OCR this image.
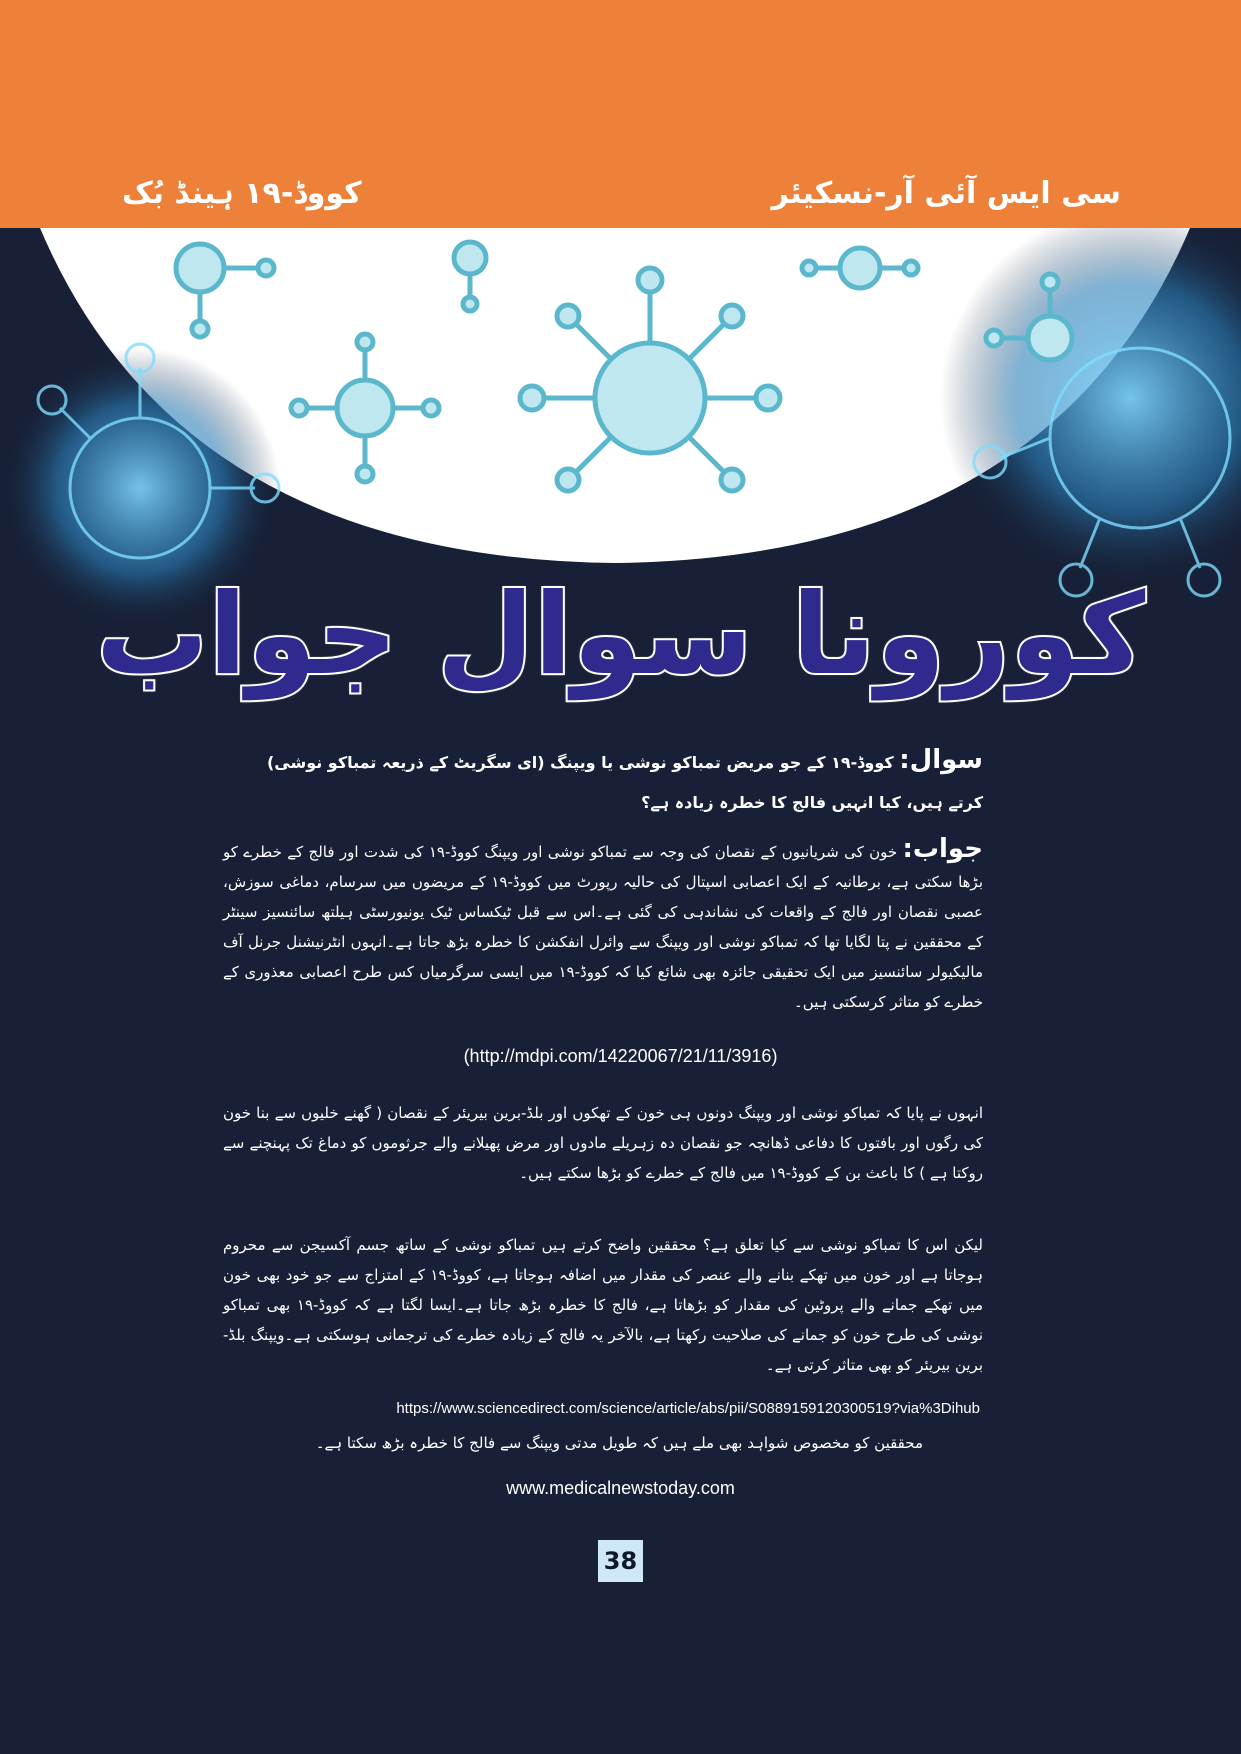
سی ایس آئی آر-نسکیئر
کووڈ-۱۹ ہینڈ بُک
کورونا سوال جواب
سوال: کووڈ-۱۹ کے جو مریض تمباکو نوشی یا ویپنگ (ای سگریٹ کے ذریعہ تمباکو نوشی) کرتے ہیں، کیا انہیں فالج کا خطرہ زیادہ ہے؟
جواب: خون کی شریانیوں کے نقصان کی وجہ سے تمباکو نوشی اور ویپنگ کووڈ-۱۹ کی شدت اور فالج کے خطرے کو بڑھا سکتی ہے، برطانیہ کے ایک اعصابی اسپتال کی حالیہ رپورٹ میں کووڈ-۱۹ کے مریضوں میں سرسام، دماغی سوزش، عصبی نقصان اور فالج کے واقعات کی نشاندہی کی گئی ہے۔اس سے قبل ٹیکساس ٹیک یونیورسٹی ہیلتھ سائنسیز سینٹر کے محققین نے پتا لگایا تھا کہ تمباکو نوشی اور ویپنگ سے وائرل انفکشن کا خطرہ بڑھ جاتا ہے۔انہوں انٹرنیشنل جرنل آف مالیکیولر سائنسیز میں ایک تحقیقی جائزہ بھی شائع کیا کہ کووڈ-۱۹ میں ایسی سرگرمیاں کس طرح اعصابی معذوری کے خطرے کو متاثر کرسکتی ہیں۔
(http://mdpi.com/14220067/21/11/3916)
انہوں نے پایا کہ تمباکو نوشی اور ویپنگ دونوں ہی خون کے تھکوں اور بلڈ-برین بیریئر کے نقصان ( گھنے خلیوں سے بنا خون کی رگوں اور بافتوں کا دفاعی ڈھانچہ جو نقصان دہ زہریلے مادوں اور مرض پھیلانے والے جرثوموں کو دماغ تک پہنچنے سے روکتا ہے ) کا باعث بن کے کووڈ-۱۹ میں فالج کے خطرے کو بڑھا سکتے ہیں۔
لیکن اس کا تمباکو نوشی سے کیا تعلق ہے؟ محققین واضح کرتے ہیں تمباکو نوشی کے ساتھ جسم آکسیجن سے محروم ہوجاتا ہے اور خون میں تھکے بنانے والے عنصر کی مقدار میں اضافہ ہوجاتا ہے، کووڈ-۱۹ کے امتزاج سے جو خود بھی خون میں تھکے جمانے والے پروٹین کی مقدار کو بڑھاتا ہے، فالج کا خطرہ بڑھ جاتا ہے۔ایسا لگتا ہے کہ کووڈ-۱۹ بھی تمباکو نوشی کی طرح خون کو جمانے کی صلاحیت رکھتا ہے، بالآخر یہ فالج کے زیادہ خطرے کی ترجمانی ہوسکتی ہے۔ویپنگ بلڈ-برین بیریئر کو بھی متاثر کرتی ہے۔
https://www.sciencedirect.com/science/article/abs/pii/S0889159120300519?via%3Dihub
محققین کو مخصوص شواہد بھی ملے ہیں کہ طویل مدتی ویپنگ سے فالج کا خطرہ بڑھ سکتا ہے۔
www.medicalnewstoday.com
38
